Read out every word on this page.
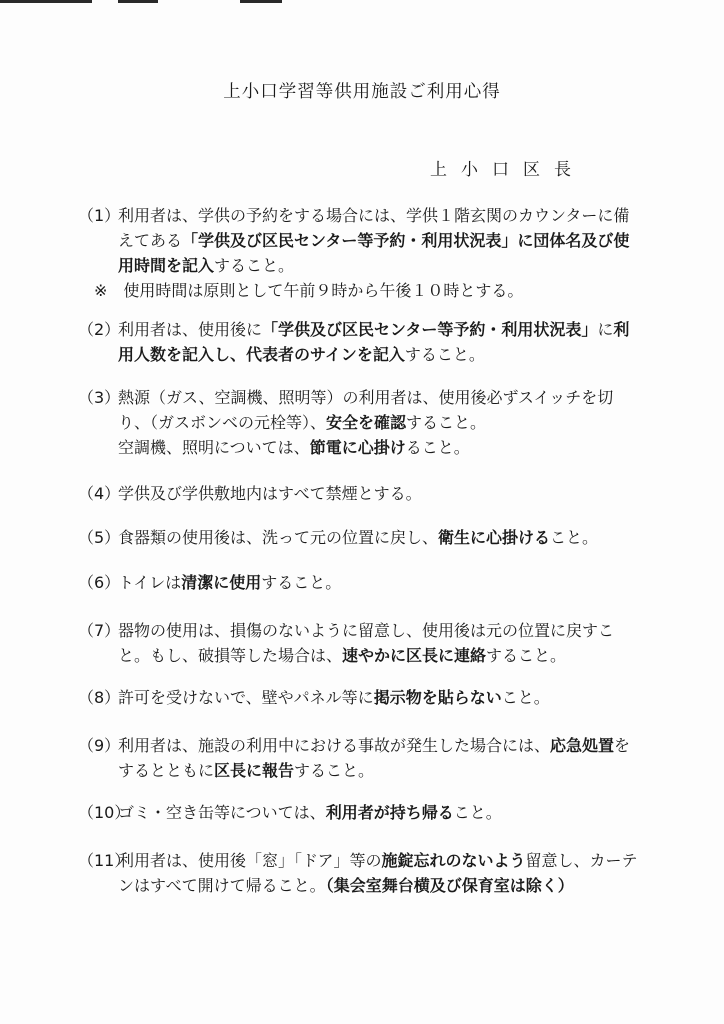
上小口学習等供用施設ご利用心得
上小口区長
（1）
利用者は、学供の予約をする場合には、学供１階玄関のカウンターに備えてある「学供及び区民センター等予約・利用状況表」に団体名及び使用時間を記入すること。
※　使用時間は原則として午前９時から午後１０時とする。
（2）
利用者は、使用後に「学供及び区民センター等予約・利用状況表」に利用人数を記入し、代表者のサインを記入すること。
（3）
熱源（ガス、空調機、照明等）の利用者は、使用後必ずスイッチを切り、（ガスボンベの元栓等）、安全を確認すること。
空調機、照明については、節電に心掛けること。
（4）
学供及び学供敷地内はすべて禁煙とする。
（5）
食器類の使用後は、洗って元の位置に戻し、衛生に心掛けること。
（6）
トイレは清潔に使用すること。
（7）
器物の使用は、損傷のないように留意し、使用後は元の位置に戻すこと。もし、破損等した場合は、速やかに区長に連絡すること。
（8）
許可を受けないで、壁やパネル等に掲示物を貼らないこと。
（9）
利用者は、施設の利用中における事故が発生した場合には、応急処置をするとともに区長に報告すること。
（10）
ゴミ・空き缶等については、利用者が持ち帰ること。
（11）
利用者は、使用後「窓」「ドア」等の施錠忘れのないよう留意し、カーテンはすべて開けて帰ること。（集会室舞台横及び保育室は除く）
